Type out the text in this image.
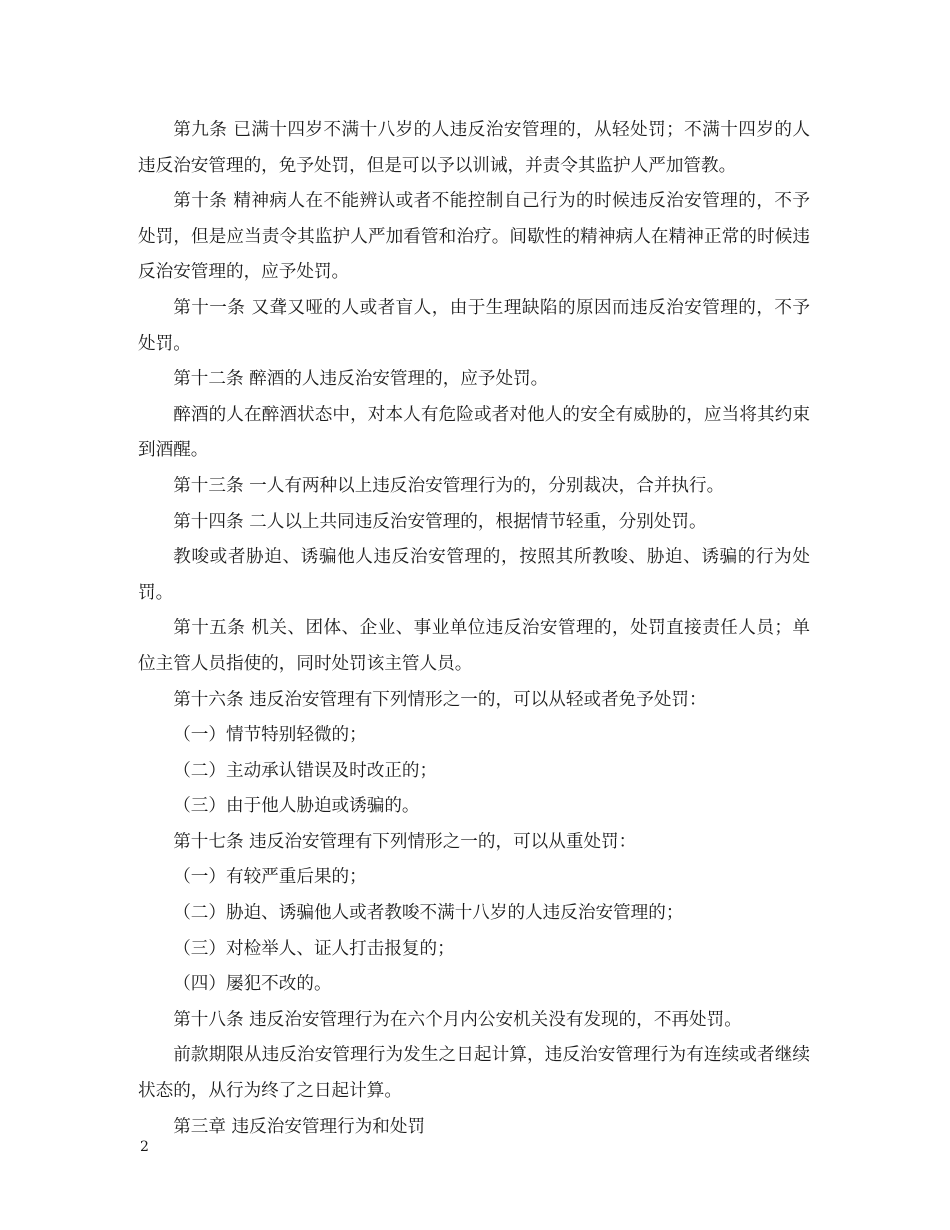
第九条 已满十四岁不满十八岁的人违反治安管理的，从轻处罚；不满十四岁的人违反治安管理的，免予处罚，但是可以予以训诫，并责令其监护人严加管教。

第十条 精神病人在不能辨认或者不能控制自己行为的时候违反治安管理的，不予处罚，但是应当责令其监护人严加看管和治疗。间歇性的精神病人在精神正常的时候违反治安管理的，应予处罚。

第十一条 又聋又哑的人或者盲人，由于生理缺陷的原因而违反治安管理的，不予处罚。

第十二条 醉酒的人违反治安管理的，应予处罚。

醉酒的人在醉酒状态中，对本人有危险或者对他人的安全有威胁的，应当将其约束到酒醒。

第十三条 一人有两种以上违反治安管理行为的，分别裁决，合并执行。

第十四条 二人以上共同违反治安管理的，根据情节轻重，分别处罚。

教唆或者胁迫、诱骗他人违反治安管理的，按照其所教唆、胁迫、诱骗的行为处罚。

第十五条 机关、团体、企业、事业单位违反治安管理的，处罚直接责任人员；单位主管人员指使的，同时处罚该主管人员。

第十六条 违反治安管理有下列情形之一的，可以从轻或者免予处罚：

（一）情节特别轻微的；

（二）主动承认错误及时改正的；

（三）由于他人胁迫或诱骗的。

第十七条 违反治安管理有下列情形之一的，可以从重处罚：

（一）有较严重后果的；

（二）胁迫、诱骗他人或者教唆不满十八岁的人违反治安管理的；

（三）对检举人、证人打击报复的；

（四）屡犯不改的。

第十八条 违反治安管理行为在六个月内公安机关没有发现的，不再处罚。

前款期限从违反治安管理行为发生之日起计算，违反治安管理行为有连续或者继续状态的，从行为终了之日起计算。

第三章 违反治安管理行为和处罚

2
